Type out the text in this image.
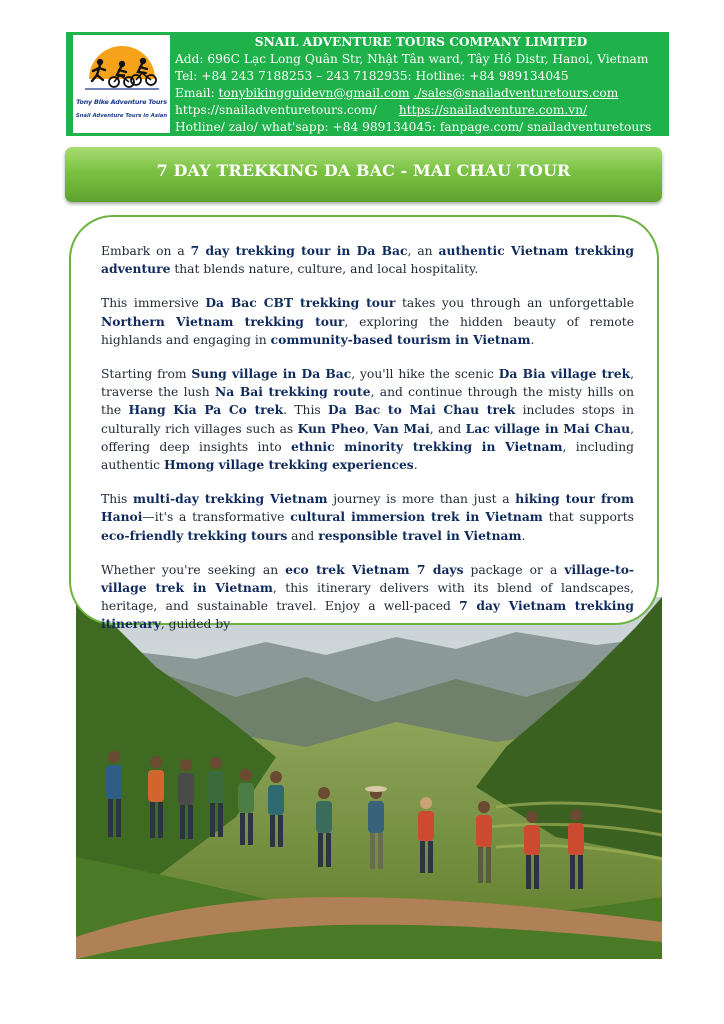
Tony Bike Adventure Tours
Snail Adventure Tours in Asian
SNAIL ADVENTURE TOURS COMPANY LIMITED
Add: 696C Lạc Long Quân Str, Nhật Tân ward, Tây Hồ Distr, Hanoi, Vietnam
Tel: +84 243 7188253 – 243 7182935: Hotline: +84 989134045
Email: tonybikingguidevn@gmail.com ./sales@snailadventuretours.com
https://snailadventuretours.com/ https://snailadventure.com.vn/
Hotline/ zalo/ what'sapp: +84 989134045: fanpage.com/ snailadventuretours
7 DAY TREKKING DA BAC - MAI CHAU TOUR

Embark on a 7 day trekking tour in Da Bac, an authentic Vietnam trekking adventure that blends nature, culture, and local hospitality.

This immersive Da Bac CBT trekking tour takes you through an unforgettable Northern Vietnam trekking tour, exploring the hidden beauty of remote highlands and engaging in community-based tourism in Vietnam.

Starting from Sung village in Da Bac, you'll hike the scenic Da Bia village trek, traverse the lush Na Bai trekking route, and continue through the misty hills on the Hang Kia Pa Co trek. This Da Bac to Mai Chau trek includes stops in culturally rich villages such as Kun Pheo, Van Mai, and Lac village in Mai Chau, offering deep insights into ethnic minority trekking in Vietnam, including authentic Hmong village trekking experiences.

This multi-day trekking Vietnam journey is more than just a hiking tour from Hanoi—it's a transformative cultural immersion trek in Vietnam that supports eco-friendly trekking tours and responsible travel in Vietnam.

Whether you're seeking an eco trek Vietnam 7 days package or a village-to-village trek in Vietnam, this itinerary delivers with its blend of landscapes, heritage, and sustainable travel. Enjoy a well-paced 7 day Vietnam trekking itinerary, guided by
